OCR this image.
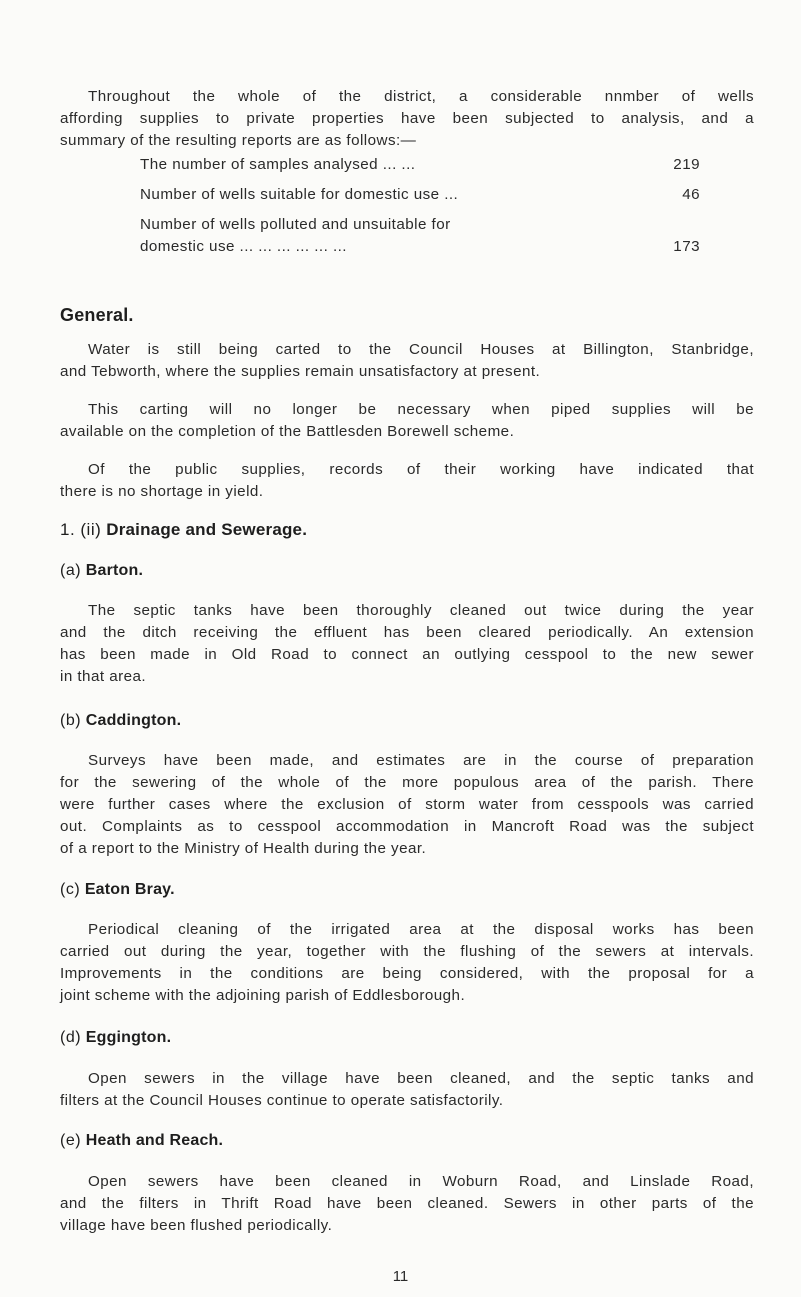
Throughout the whole of the district, a considerable nnmber of wells
affording supplies to private properties have been subjected to analysis, and a
summary of the resulting reports are as follows:—

The number of samples analysed ... ...	219
Number of wells suitable for domestic use ...	46
Number of wells polluted and unsuitable for
domestic use ... ... ... ... ... ...	173
General.

Water is still being carted to the Council Houses at Billington, Stanbridge,
and Tebworth, where the supplies remain unsatisfactory at present.

This carting will no longer be necessary when piped supplies will be
available on the completion of the Battlesden Borewell scheme.

Of the public supplies, records of their working have indicated that
there is no shortage in yield.

1. (ii) Drainage and Sewerage.
(a) Barton.

The septic tanks have been thoroughly cleaned out twice during the year
and the ditch receiving the effluent has been cleared periodically. An extension
has been made in Old Road to connect an outlying cesspool to the new sewer
in that area.

(b) Caddington.

Surveys have been made, and estimates are in the course of preparation
for the sewering of the whole of the more populous area of the parish. There
were further cases where the exclusion of storm water from cesspools was carried
out. Complaints as to cesspool accommodation in Mancroft Road was the subject
of a report to the Ministry of Health during the year.

(c) Eaton Bray.

Periodical cleaning of the irrigated area at the disposal works has been
carried out during the year, together with the flushing of the sewers at intervals.
Improvements in the conditions are being considered, with the proposal for a
joint scheme with the adjoining parish of Eddlesborough.

(d) Eggington.

Open sewers in the village have been cleaned, and the septic tanks and
filters at the Council Houses continue to operate satisfactorily.

(e) Heath and Reach.

Open sewers have been cleaned in Woburn Road, and Linslade Road,
and the filters in Thrift Road have been cleaned. Sewers in other parts of the
village have been flushed periodically.

11
